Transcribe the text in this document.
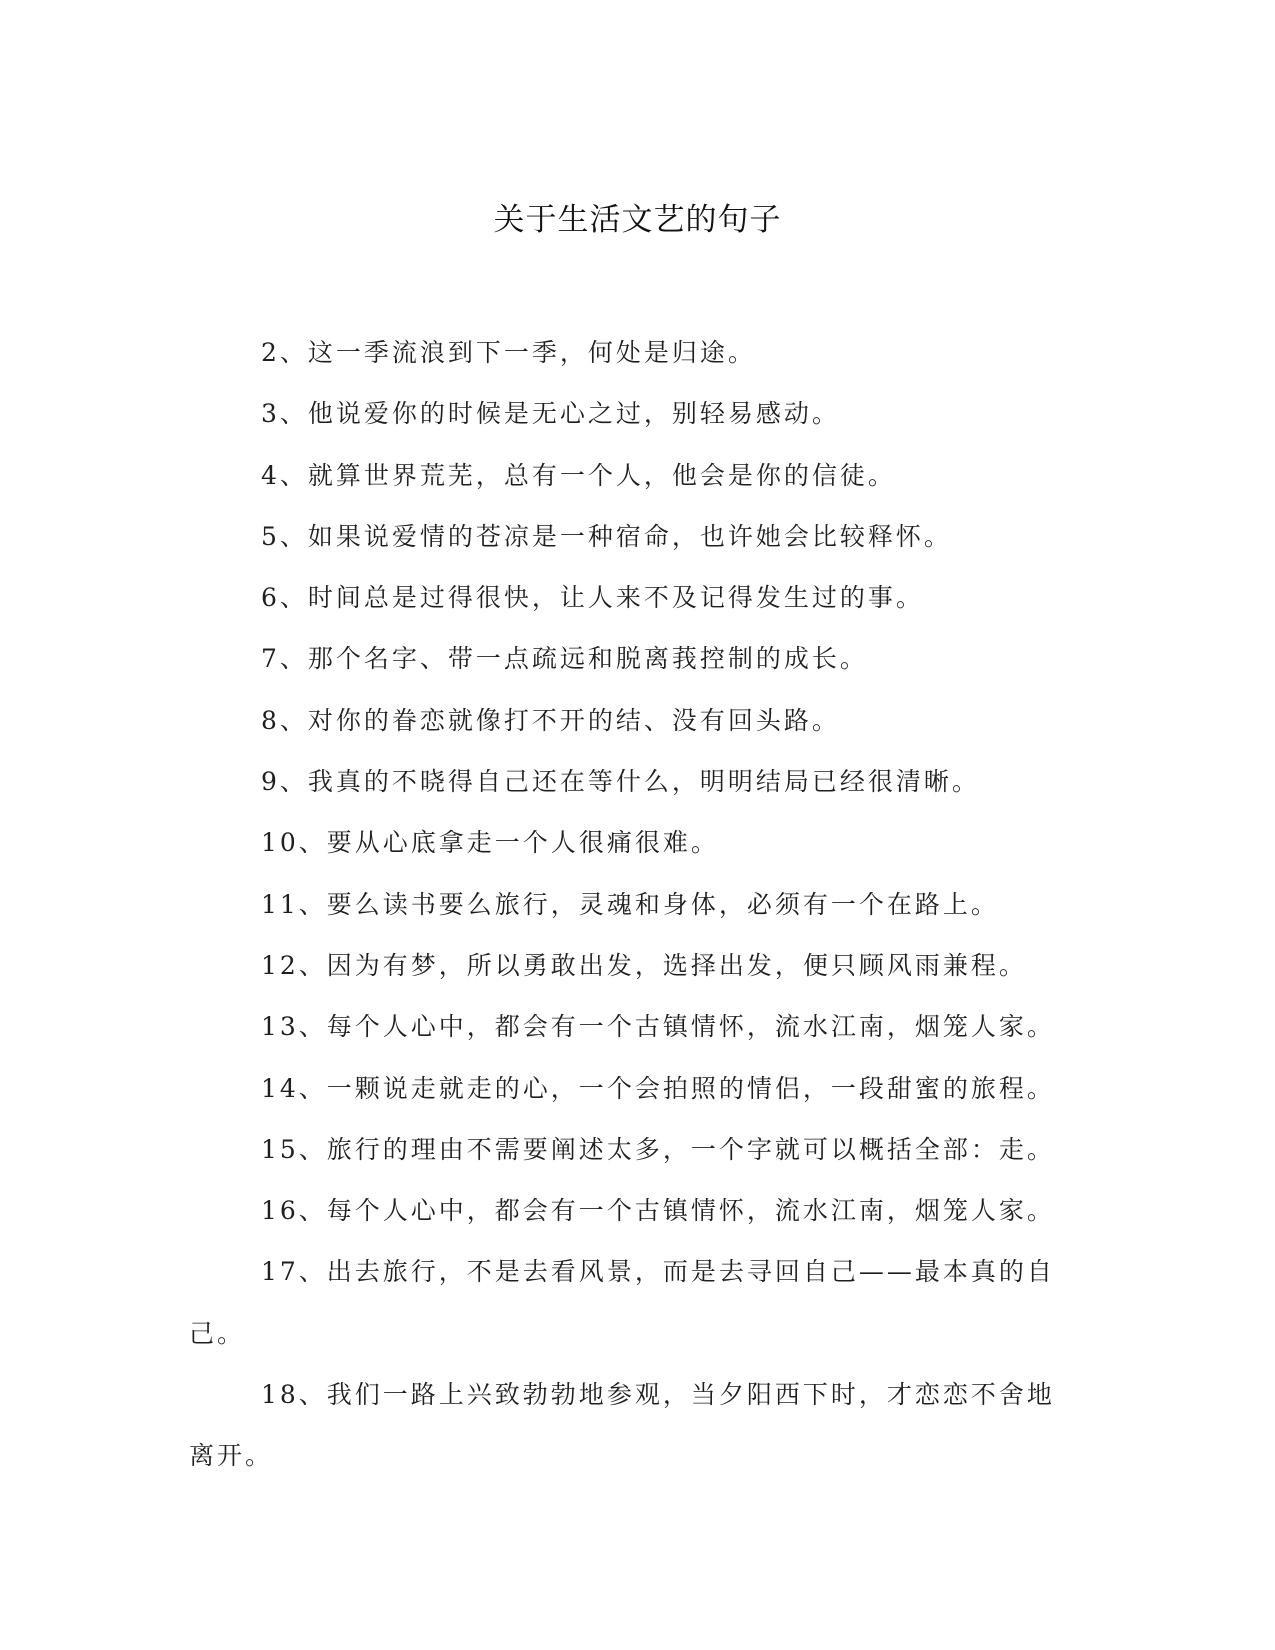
关于生活文艺的句子

2、这一季流浪到下一季，何处是归途。

3、他说爱你的时候是无心之过，别轻易感动。

4、就算世界荒芜，总有一个人，他会是你的信徒。

5、如果说爱情的苍凉是一种宿命，也许她会比较释怀。

6、时间总是过得很快，让人来不及记得发生过的事。

7、那个名字、带一点疏远和脱离莪控制的成长。

8、对你的眷恋就像打不开的结、没有回头路。

9、我真的不晓得自己还在等什么，明明结局已经很清晰。

10、要从心底拿走一个人很痛很难。

11、要么读书要么旅行，灵魂和身体，必须有一个在路上。

12、因为有梦，所以勇敢出发，选择出发，便只顾风雨兼程。

13、每个人心中，都会有一个古镇情怀，流水江南，烟笼人家。

14、一颗说走就走的心，一个会拍照的情侣，一段甜蜜的旅程。

15、旅行的理由不需要阐述太多，一个字就可以概括全部：走。

16、每个人心中，都会有一个古镇情怀，流水江南，烟笼人家。

17、出去旅行，不是去看风景，而是去寻回自己——最本真的自己。

18、我们一路上兴致勃勃地参观，当夕阳西下时，才恋恋不舍地离开。
